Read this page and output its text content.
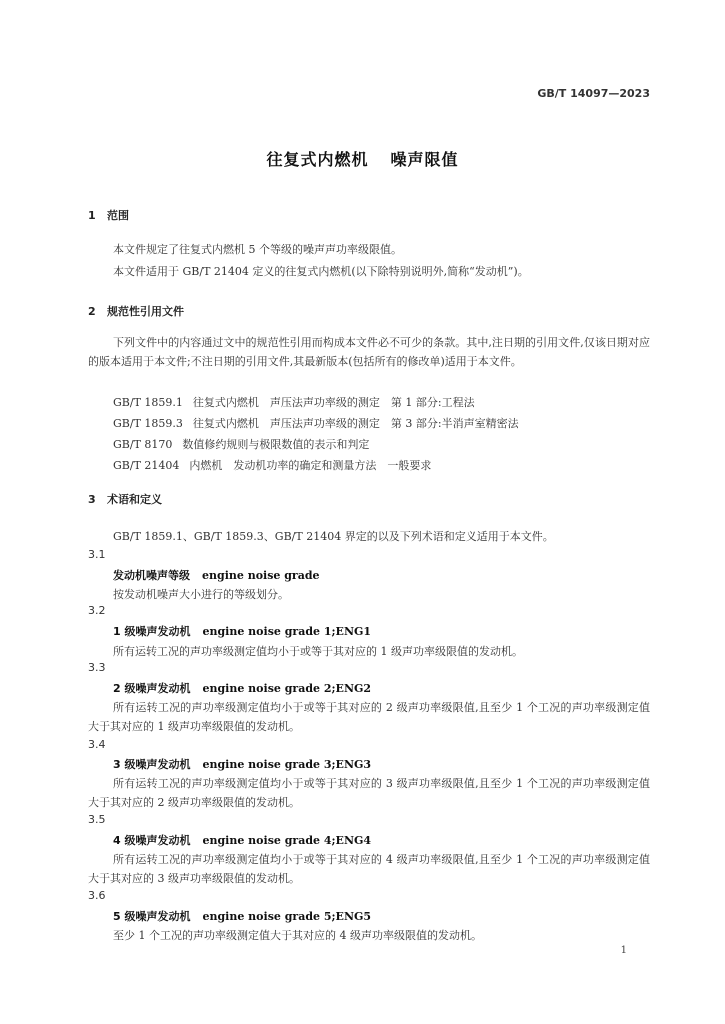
GB/T 14097—2023
往复式内燃机 噪声限值
1 范围
本文件规定了往复式内燃机 5 个等级的噪声声功率级限值。
本文件适用于 GB/T 21404 定义的往复式内燃机(以下除特别说明外,简称“发动机”)。
2 规范性引用文件
下列文件中的内容通过文中的规范性引用而构成本文件必不可少的条款。其中,注日期的引用文件,仅该日期对应的版本适用于本文件;不注日期的引用文件,其最新版本(包括所有的修改单)适用于本文件。
GB/T 1859.1 往复式内燃机　声压法声功率级的测定　第 1 部分:工程法
GB/T 1859.3 往复式内燃机　声压法声功率级的测定　第 3 部分:半消声室精密法
GB/T 8170 数值修约规则与极限数值的表示和判定
GB/T 21404 内燃机　发动机功率的确定和测量方法　一般要求
3 术语和定义
GB/T 1859.1、GB/T 1859.3、GB/T 21404 界定的以及下列术语和定义适用于本文件。
3.1
发动机噪声等级 engine noise grade
按发动机噪声大小进行的等级划分。
3.2
1 级噪声发动机 engine noise grade 1;ENG1
所有运转工况的声功率级测定值均小于或等于其对应的 1 级声功率级限值的发动机。
3.3
2 级噪声发动机 engine noise grade 2;ENG2
所有运转工况的声功率级测定值均小于或等于其对应的 2 级声功率级限值,且至少 1 个工况的声功率级测定值大于其对应的 1 级声功率级限值的发动机。
3.4
3 级噪声发动机 engine noise grade 3;ENG3
所有运转工况的声功率级测定值均小于或等于其对应的 3 级声功率级限值,且至少 1 个工况的声功率级测定值大于其对应的 2 级声功率级限值的发动机。
3.5
4 级噪声发动机 engine noise grade 4;ENG4
所有运转工况的声功率级测定值均小于或等于其对应的 4 级声功率级限值,且至少 1 个工况的声功率级测定值大于其对应的 3 级声功率级限值的发动机。
3.6
5 级噪声发动机 engine noise grade 5;ENG5
至少 1 个工况的声功率级测定值大于其对应的 4 级声功率级限值的发动机。
1
